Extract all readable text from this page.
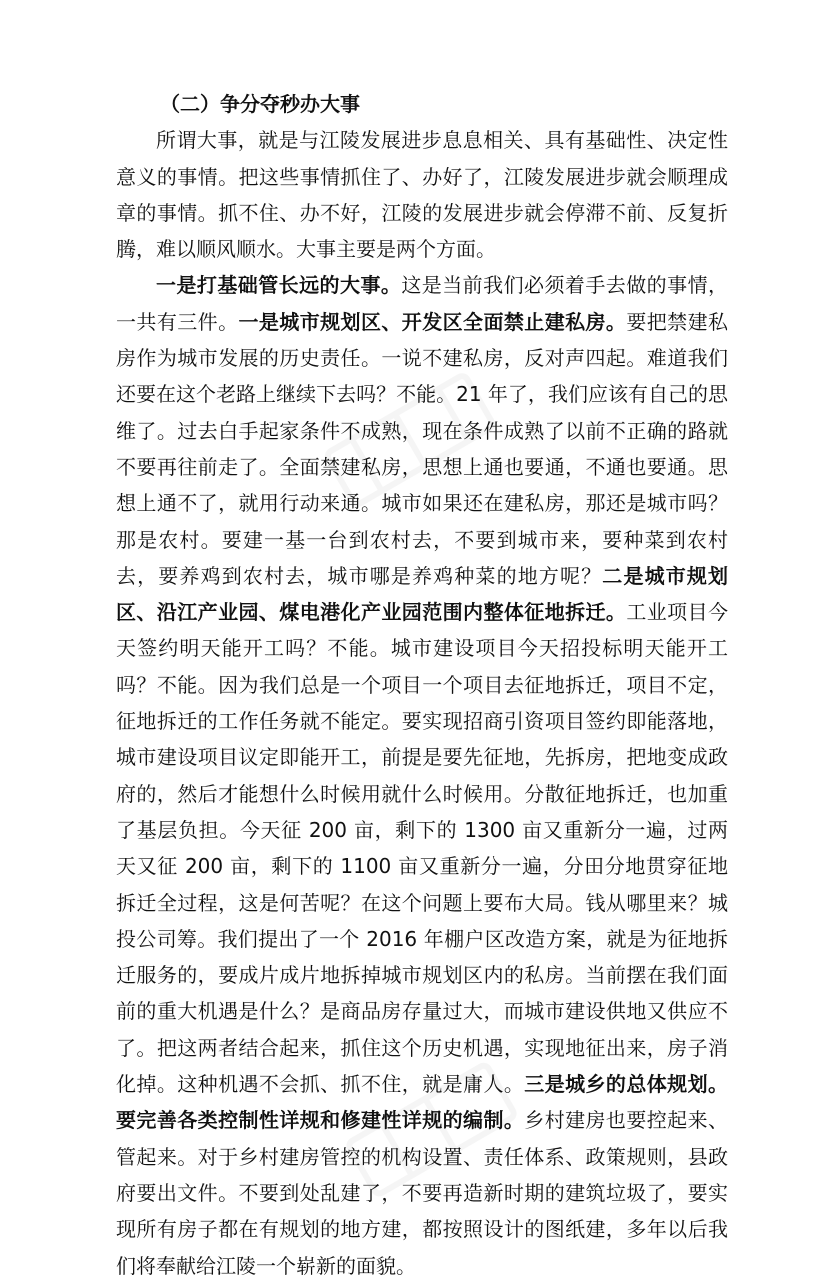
（二）争分夺秒办大事

所谓大事，就是与江陵发展进步息息相关、具有基础性、决定性意义的事情。把这些事情抓住了、办好了，江陵发展进步就会顺理成章的事情。抓不住、办不好，江陵的发展进步就会停滞不前、反复折腾，难以顺风顺水。大事主要是两个方面。

一是打基础管长远的大事。这是当前我们必须着手去做的事情，一共有三件。一是城市规划区、开发区全面禁止建私房。要把禁建私房作为城市发展的历史责任。一说不建私房，反对声四起。难道我们还要在这个老路上继续下去吗？不能。21 年了，我们应该有自己的思维了。过去白手起家条件不成熟，现在条件成熟了以前不正确的路就不要再往前走了。全面禁建私房，思想上通也要通，不通也要通。思想上通不了，就用行动来通。城市如果还在建私房，那还是城市吗？那是农村。要建一基一台到农村去，不要到城市来，要种菜到农村去，要养鸡到农村去，城市哪是养鸡种菜的地方呢？二是城市规划区、沿江产业园、煤电港化产业园范围内整体征地拆迁。工业项目今天签约明天能开工吗？不能。城市建设项目今天招投标明天能开工吗？不能。因为我们总是一个项目一个项目去征地拆迁，项目不定，征地拆迁的工作任务就不能定。要实现招商引资项目签约即能落地，城市建设项目议定即能开工，前提是要先征地，先拆房，把地变成政府的，然后才能想什么时候用就什么时候用。分散征地拆迁，也加重了基层负担。今天征 200 亩，剩下的 1300 亩又重新分一遍，过两天又征 200 亩，剩下的 1100 亩又重新分一遍，分田分地贯穿征地拆迁全过程，这是何苦呢？在这个问题上要布大局。钱从哪里来？城投公司筹。我们提出了一个 2016 年棚户区改造方案，就是为征地拆迁服务的，要成片成片地拆掉城市规划区内的私房。当前摆在我们面前的重大机遇是什么？是商品房存量过大，而城市建设供地又供应不了。把这两者结合起来，抓住这个历史机遇，实现地征出来，房子消化掉。这种机遇不会抓、抓不住，就是庸人。三是城乡的总体规划。要完善各类控制性详规和修建性详规的编制。乡村建房也要控起来、管起来。对于乡村建房管控的机构设置、责任体系、政策规则，县政府要出文件。不要到处乱建了，不要再造新时期的建筑垃圾了，要实现所有房子都在有规划的地方建，都按照设计的图纸建，多年以后我们将奉献给江陵一个崭新的面貌。
